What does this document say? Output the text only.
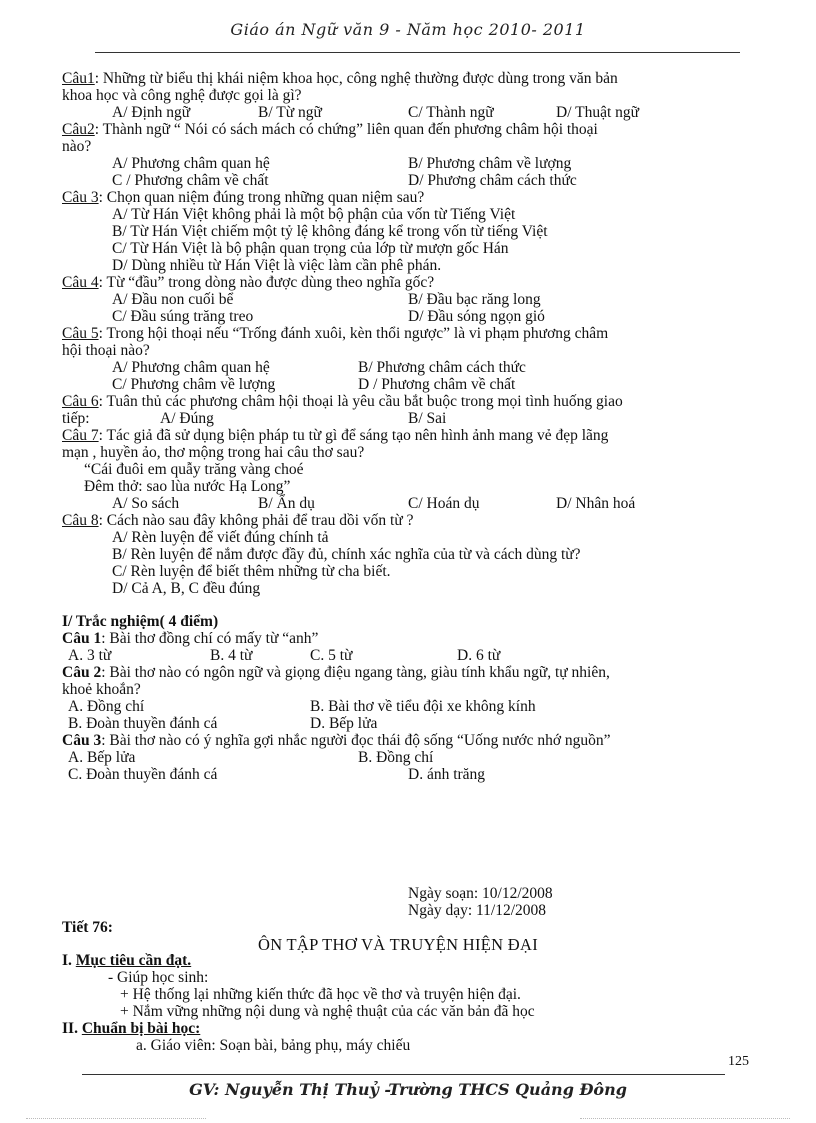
Giáo án Ngữ văn 9 - Năm học 2010- 2011
Câu1: Những từ biểu thị khái niệm khoa học, công nghệ thường được dùng trong văn bản
khoa học và công nghệ được gọi là gì?
A/ Định ngữ	B/ Từ ngữ	C/ Thành ngữ	D/ Thuật ngữ
Câu2: Thành ngữ “ Nói có sách mách có chứng” liên quan đến phương châm hội thoại
nào?
A/ Phương châm quan hệ	B/ Phương châm về lượng
C / Phương châm về chất	D/ Phương châm cách thức
Câu 3: Chọn quan niệm đúng trong những quan niệm sau?
A/ Từ Hán Việt không phải là một bộ phận của vốn từ Tiếng Việt
B/ Từ Hán Việt chiếm một tỷ lệ không đáng kể trong vốn từ tiếng Việt
C/ Từ Hán Việt là bộ phận quan trọng của lớp từ mượn gốc Hán
D/ Dùng nhiều từ Hán Việt là việc làm cần phê phán.
Câu 4: Từ “đầu” trong dòng nào được dùng theo nghĩa gốc?
A/ Đầu non cuối bể	B/ Đầu bạc răng long
C/ Đầu súng trăng treo	D/ Đầu sóng ngọn gió
Câu 5: Trong hội thoại nếu “Trống đánh xuôi, kèn thổi ngược” là vi phạm phương châm
hội thoại nào?
A/ Phương châm quan hệ	B/ Phương châm cách thức
C/ Phương châm về lượng	D / Phương châm về chất
Câu 6: Tuân thủ các phương châm hội thoại là yêu cầu bắt buộc trong mọi tình huống giao
tiếp:	A/ Đúng	B/ Sai
Câu 7: Tác giả đã sử dụng biện pháp tu từ gì để sáng tạo nên hình ảnh mang vẻ đẹp lãng
mạn , huyền ảo, thơ mộng trong hai câu thơ sau?
“Cái đuôi em quẫy trăng vàng choé
Đêm thở: sao lùa nước Hạ Long”
A/ So sách	B/ Ẩn dụ	C/ Hoán dụ	D/ Nhân hoá
Câu 8: Cách nào sau đây không phải để trau dồi vốn từ ?
A/ Rèn luyện để viết đúng chính tả
B/ Rèn luyện để nắm được đầy đủ, chính xác nghĩa của từ và cách dùng từ?
C/ Rèn luyện để biết thêm những từ cha biết.
D/ Cả A, B, C đều đúng
I/ Trắc nghiệm( 4 điểm)
Câu 1: Bài thơ đồng chí có mấy từ “anh”
A. 3 từ	B. 4 từ	C. 5 từ	D. 6 từ
Câu 2: Bài thơ nào có ngôn ngữ và giọng điệu ngang tàng, giàu tính khẩu ngữ, tự nhiên,
khoẻ khoắn?
A. Đồng chí	B. Bài thơ về tiểu đội xe không kính
B. Đoàn thuyền đánh cá	D. Bếp lửa
Câu 3: Bài thơ nào có ý nghĩa gợi nhắc người đọc thái độ sống “Uống nước nhớ nguồn”
A. Bếp lửa	B. Đồng chí
C. Đoàn thuyền đánh cá	D. ánh trăng
Ngày soạn: 10/12/2008
Ngày dạy: 11/12/2008
Tiết 76:
ÔN TẬP THƠ VÀ TRUYỆN HIỆN ĐẠI
I. Mục tiêu cần đạt.
- Giúp học sinh:
+ Hệ thống lại những kiến thức đã học về thơ và truyện hiện đại.
+ Nắm vững những nội dung và nghệ thuật của các văn bản đã học
II. Chuẩn bị bài học:
a. Giáo viên: Soạn bài, bảng phụ, máy chiếu
125
GV: Nguyễn Thị Thuỷ -Trường THCS Quảng Đông
